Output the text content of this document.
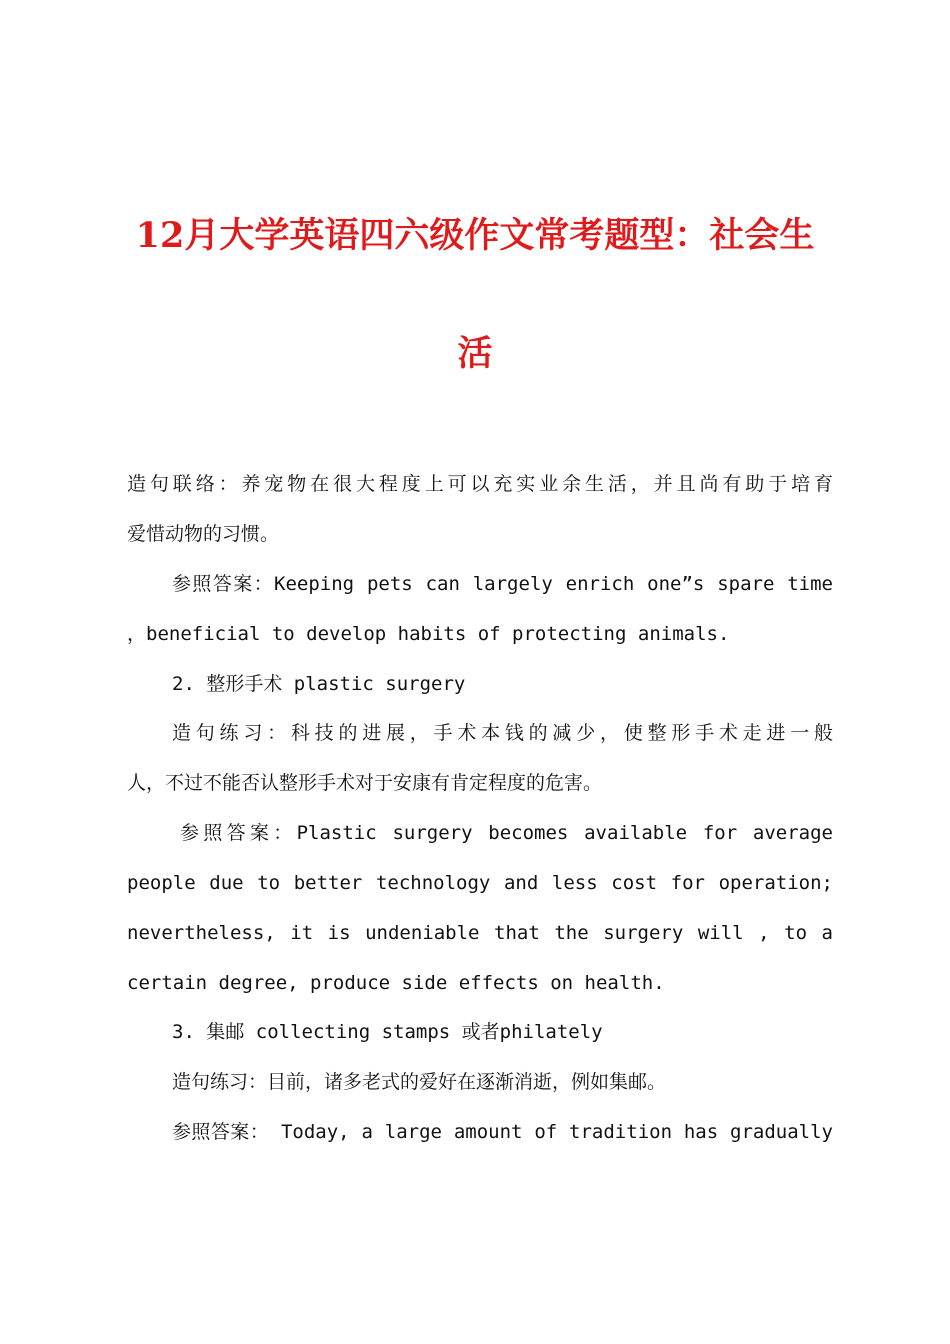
12月大学英语四六级作文常考题型：社会生
活
造句联络：养宠物在很大程度上可以充实业余生活，并且尚有助于培育
爱惜动物的习惯。
参照答案：Keeping pets can largely enrich one”s spare time
，beneficial to develop habits of protecting animals.
2. 整形手术 plastic surgery
造句练习：科技的进展，手术本钱的减少，使整形手术走进一般
人，不过不能否认整形手术对于安康有肯定程度的危害。
参照答案：Plastic surgery becomes available for average
people due to better technology and less cost for operation;
nevertheless, it is undeniable that the surgery will , to a
certain degree, produce side effects on health.
3. 集邮 collecting stamps 或者philately
造句练习：目前，诸多老式的爱好在逐渐消逝，例如集邮。
参照答案： Today, a large amount of tradition has gradually
